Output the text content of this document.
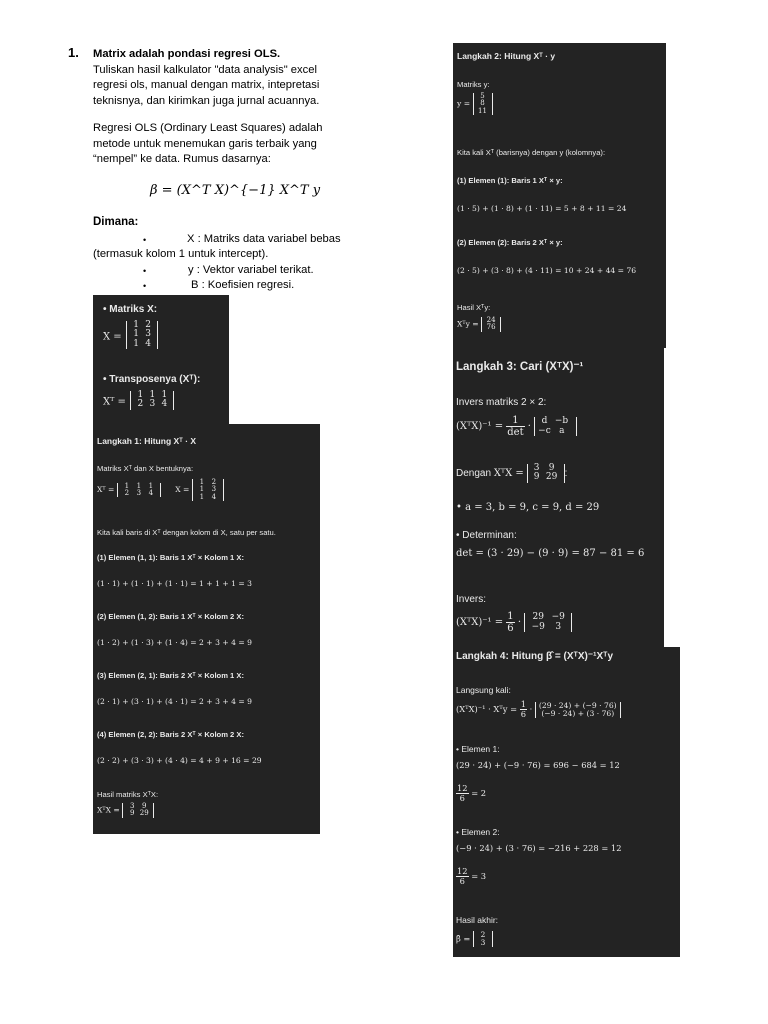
1. Matrix adalah pondasi regresi OLS.
Tuliskan hasil kalkulator "data analysis" excel
regresi ols, manual dengan matrix, intepretasi
teknisnya, dan kirimkan juga jurnal acuannya.
Regresi OLS (Ordinary Least Squares) adalah
metode untuk menemukan garis terbaik yang
“nempel” ke data. Rumus dasarnya:
β = (X^T X)^{−1} X^T y
Dimana:
•	X : Matriks data variabel bebas
(termasuk kolom 1 untuk intercept).
•	y : Vektor variabel terikat.
•	B : Koefisien regresi.
• Matriks X:
X =
1 2
1 3
1 4
• Transposenya (Xᵀ):
Xᵀ =
1 1 1
2 3 4
Langkah 1: Hitung Xᵀ · X
Matriks Xᵀ dan X bentuknya:
Xᵀ =	1 1 1
2 3 4	X =
1 2
1 3
1 4
Kita kali baris di Xᵀ dengan kolom di X, satu per satu.
(1) Elemen (1, 1): Baris 1 Xᵀ × Kolom 1 X:
(1 · 1) + (1 · 1) + (1 · 1) = 1 + 1 + 1 = 3
(2) Elemen (1, 2): Baris 1 Xᵀ × Kolom 2 X:
(1 · 2) + (1 · 3) + (1 · 4) = 2 + 3 + 4 = 9
(3) Elemen (2, 1): Baris 2 Xᵀ × Kolom 1 X:
(2 · 1) + (3 · 1) + (4 · 1) = 2 + 3 + 4 = 9
(4) Elemen (2, 2): Baris 2 Xᵀ × Kolom 2 X:
(2 · 2) + (3 · 3) + (4 · 4) = 4 + 9 + 16 = 29
Hasil matriks XᵀX:
XᵀX =	3 9
9 29
Langkah 2: Hitung Xᵀ · y
Matriks y:
y =
5
8
11
Kita kali Xᵀ (barisnya) dengan y (kolomnya):
(1) Elemen (1): Baris 1 Xᵀ × y:
(1 · 5) + (1 · 8) + (1 · 11) = 5 + 8 + 11 = 24
(2) Elemen (2): Baris 2 Xᵀ × y:
(2 · 5) + (3 · 8) + (4 · 11) = 10 + 24 + 44 = 76
Hasil Xᵀy:
Xᵀy = 24
76
Langkah 3: Cari (XᵀX)⁻¹
Invers matriks 2 × 2:
(XᵀX)⁻¹ = $\frac{1}{\det} \cdot d -b$
−c a
Dengan XᵀX =
3 9
9 29 :
• a = 3, b = 9, c = 9, d = 29
• Determinan:
det = (3 · 29) − (9 · 9) = 87 − 81 = 6
Invers:
(XᵀX)⁻¹ = $\frac{1}{6} \cdot 29 -9$
−9 3
Langkah 4: Hitung β̂ = (XᵀX)⁻¹Xᵀy
Langsung kali:
(XᵀX)⁻¹ · Xᵀy = $\frac{1}{6} \cdot (29 \cdot 24) + (-9 \cdot 76)$
(−9 · 24) + (3 · 76)
• Elemen 1:
(29 · 24) + (−9 · 76) = 696 − 684 = 12
$\frac{12}{6} = 2$
• Elemen 2:
(−9 · 24) + (3 · 76) = −216 + 228 = 12
$\frac{12}{6} = 3$
Hasil akhir:
β̂ =	2
3
